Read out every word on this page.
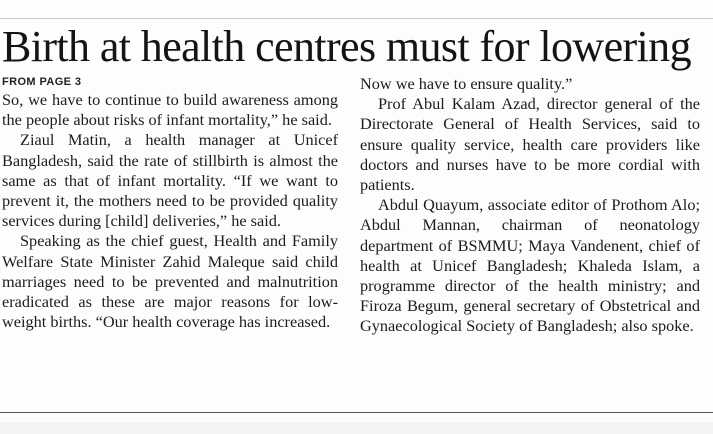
Birth at health centres must for lowering
FROM PAGE 3

So, we have to continue to build awareness among the people about risks of infant mortality,” he said.

Ziaul Matin, a health manager at Unicef Bangladesh, said the rate of stillbirth is almost the same as that of infant mortality. “If we want to prevent it, the mothers need to be provided quality services during [child] deliveries,” he said.

Speaking as the chief guest, Health and Family Welfare State Minister Zahid Maleque said child marriages need to be prevented and malnutrition eradicated as these are major reasons for low-weight births. “Our health coverage has increased.

Now we have to ensure quality.”

Prof Abul Kalam Azad, director general of the Directorate General of Health Services, said to ensure quality service, health care providers like doctors and nurses have to be more cordial with patients.

Abdul Quayum, associate editor of Prothom Alo; Abdul Mannan, chairman of neonatology department of BSMMU; Maya Vandenent, chief of health at Unicef Bangladesh; Khaleda Islam, a programme director of the health ministry; and Firoza Begum, general secretary of Obstetrical and Gynaecological Society of Bangladesh; also spoke.
